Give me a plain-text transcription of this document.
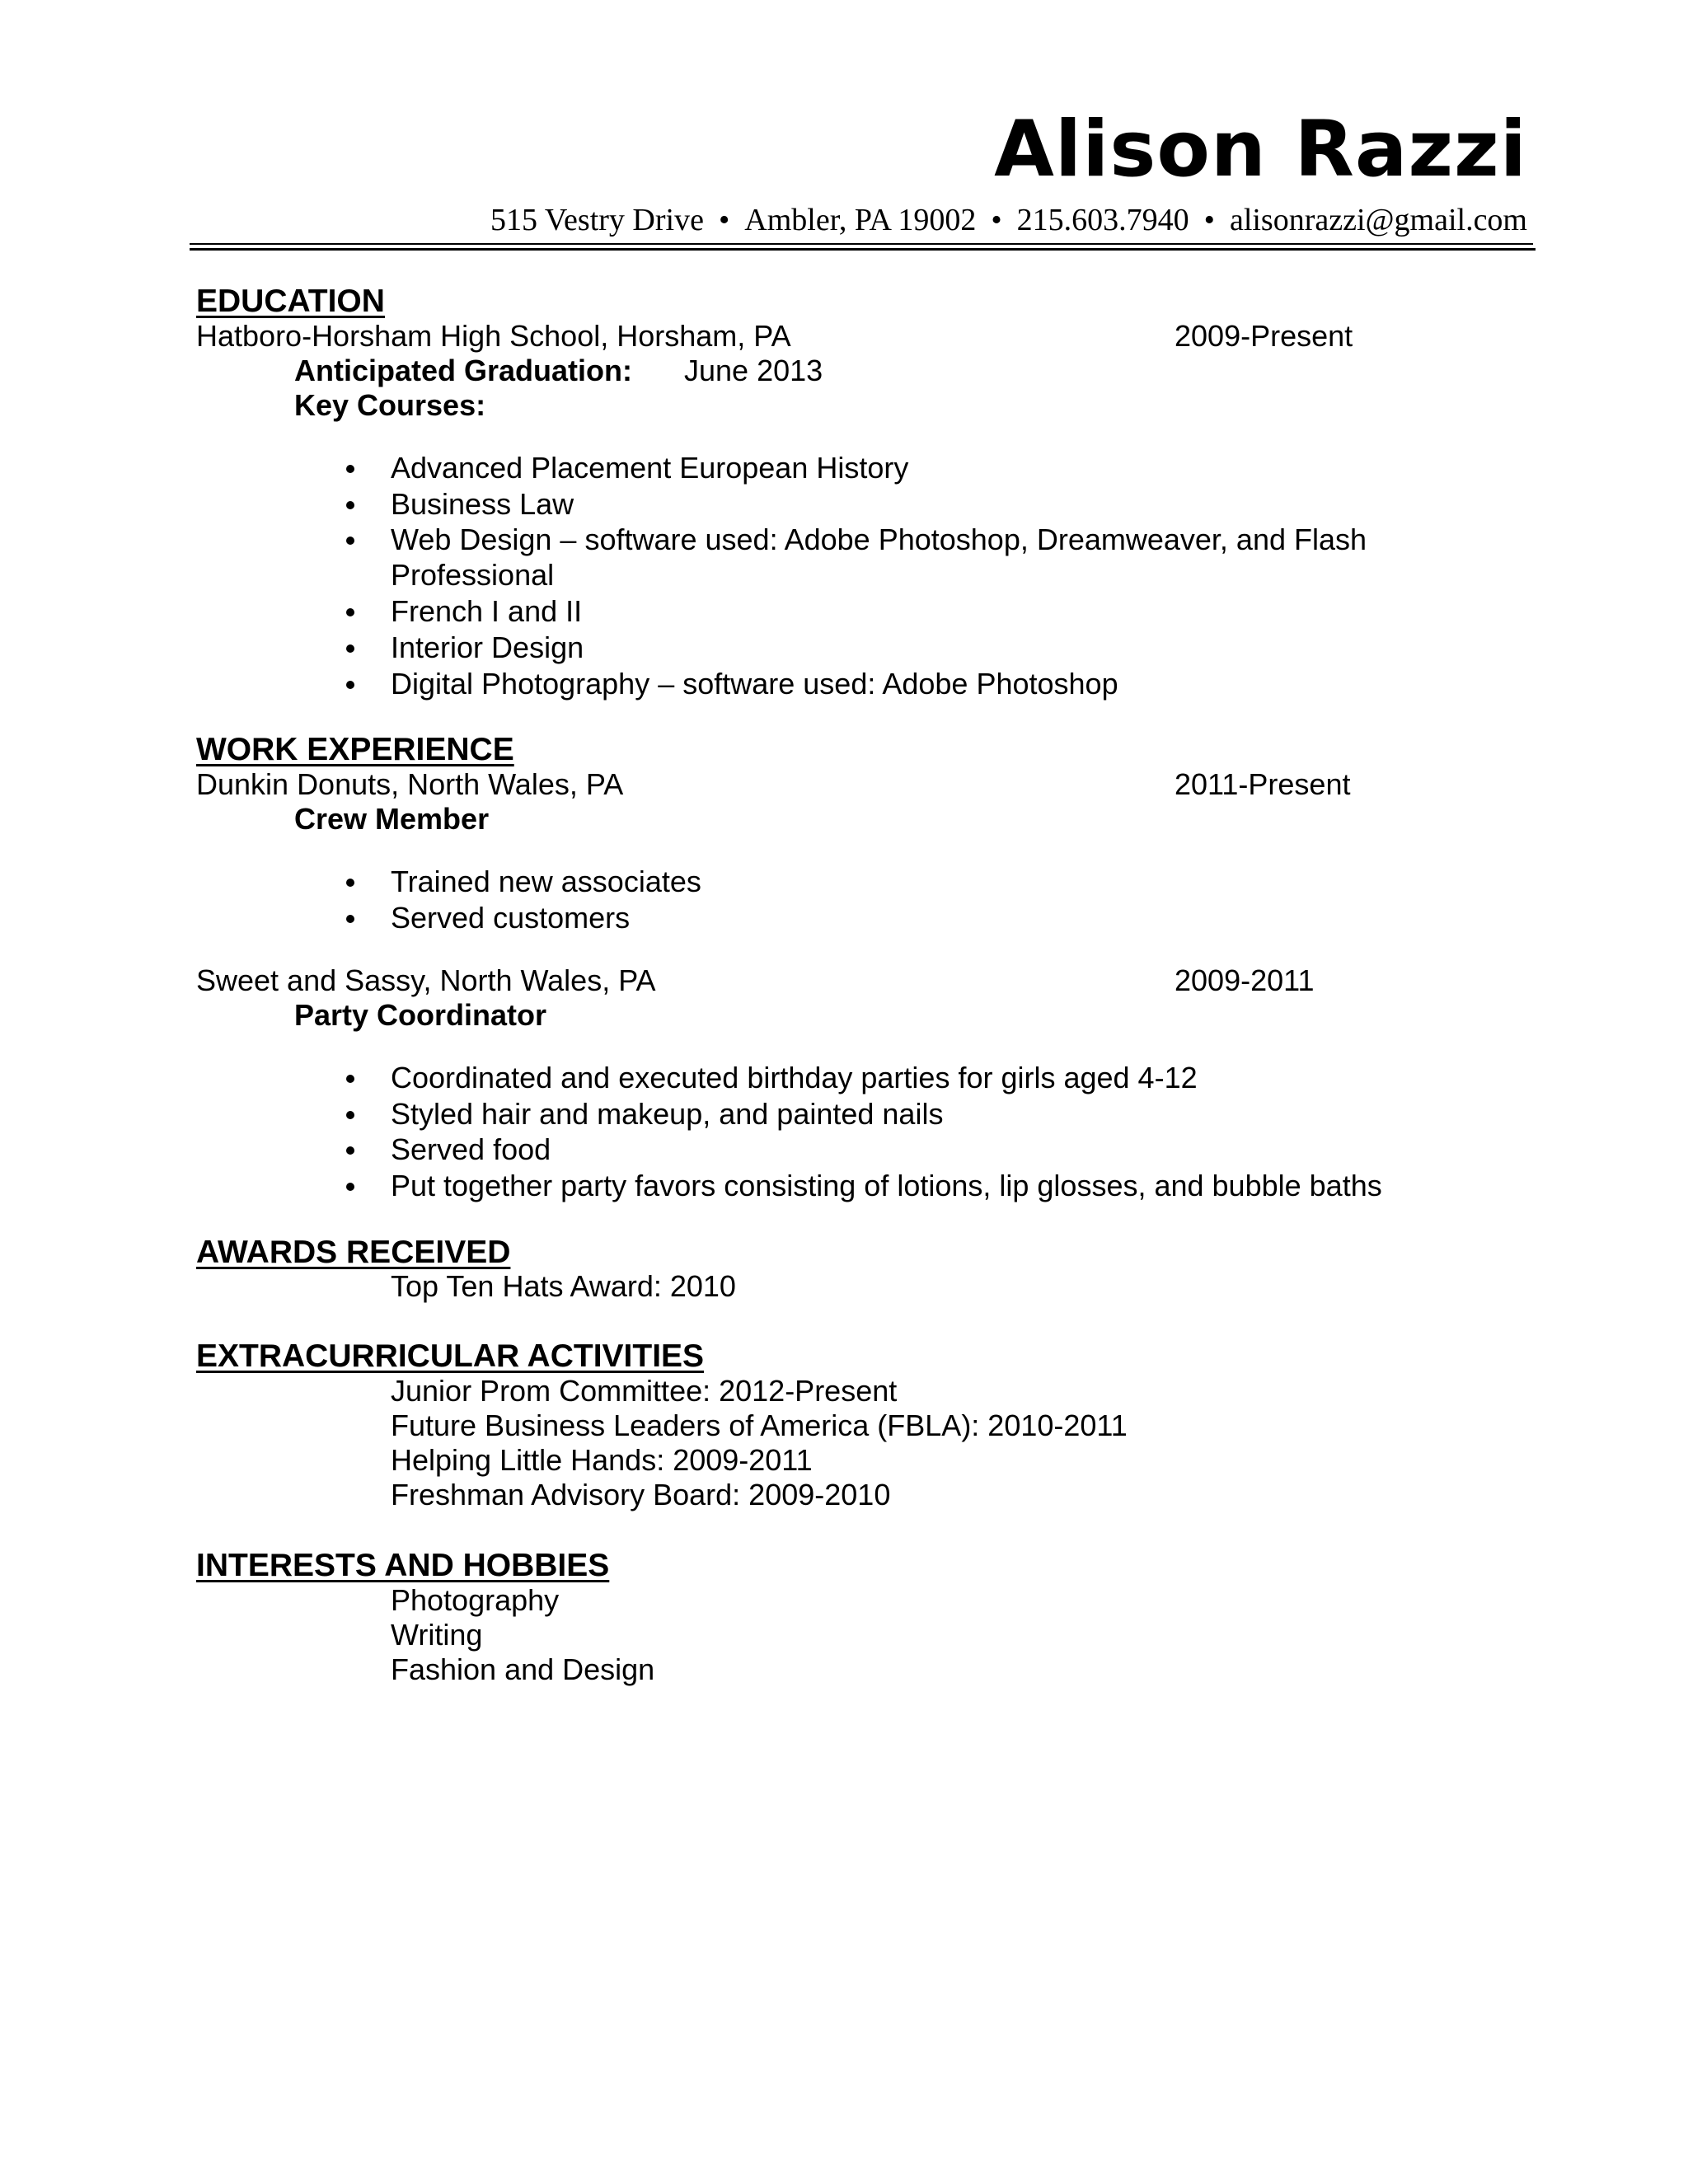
Alison Razzi
515 Vestry Drive • Ambler, PA 19002 • 215.603.7940 • alisonrazzi@gmail.com
EDUCATION
Hatboro-Horsham High School, Horsham, PA	2009-Present
Anticipated Graduation: June 2013
Key Courses:
Advanced Placement European History
Business Law
Web Design – software used: Adobe Photoshop, Dreamweaver, and Flash
Professional
French I and II
Interior Design
Digital Photography – software used: Adobe Photoshop
WORK EXPERIENCE
Dunkin Donuts, North Wales, PA	2011-Present
Crew Member
Trained new associates
Served customers
Sweet and Sassy, North Wales, PA	2009-2011
Party Coordinator
Coordinated and executed birthday parties for girls aged 4-12
Styled hair and makeup, and painted nails
Served food
Put together party favors consisting of lotions, lip glosses, and bubble baths
AWARDS RECEIVED
Top Ten Hats Award: 2010
EXTRACURRICULAR ACTIVITIES
Junior Prom Committee: 2012-Present
Future Business Leaders of America (FBLA): 2010-2011
Helping Little Hands: 2009-2011
Freshman Advisory Board: 2009-2010
INTERESTS AND HOBBIES
Photography
Writing
Fashion and Design
